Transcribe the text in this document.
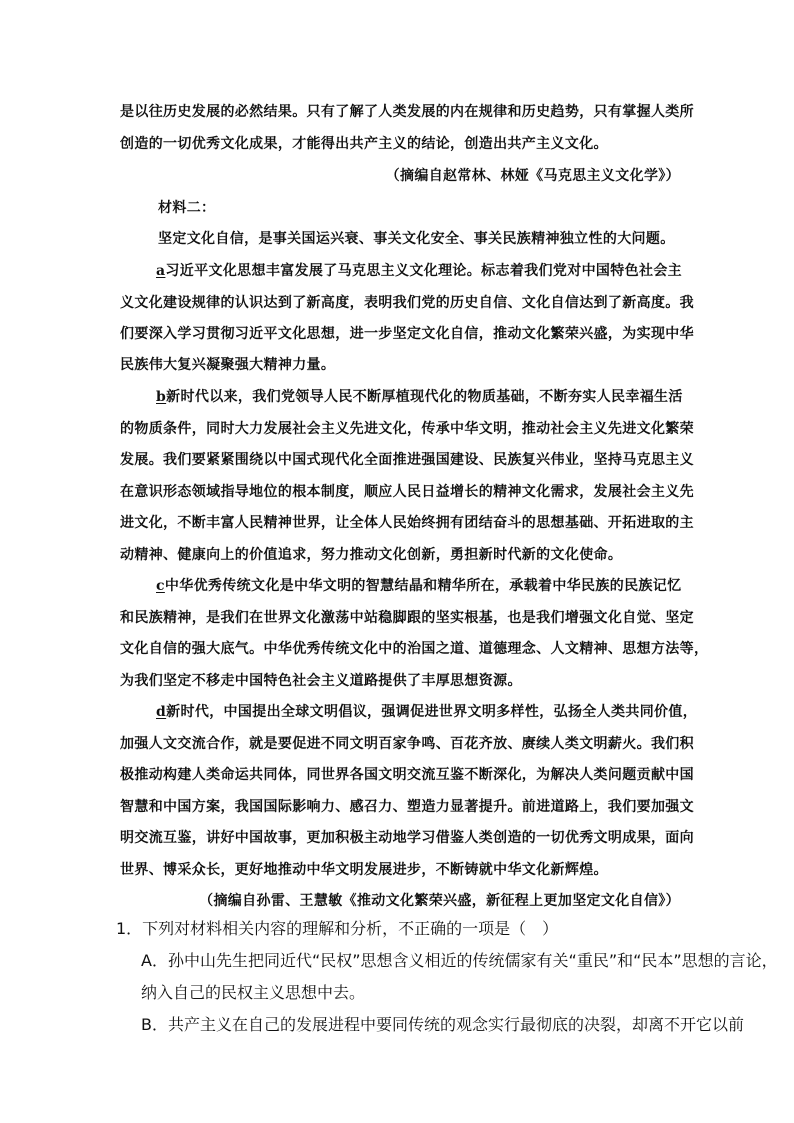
是以往历史发展的必然结果。只有了解了人类发展的内在规律和历史趋势，只有掌握人类所
创造的一切优秀文化成果，才能得出共产主义的结论，创造出共产主义文化。
（摘编自赵常林、林娅《马克思主义文化学》）
材料二：
坚定文化自信，是事关国运兴衰、事关文化安全、事关民族精神独立性的大问题。
a习近平文化思想丰富发展了马克思主义文化理论。标志着我们党对中国特色社会主
义文化建设规律的认识达到了新高度，表明我们党的历史自信、文化自信达到了新高度。我
们要深入学习贯彻习近平文化思想，进一步坚定文化自信，推动文化繁荣兴盛，为实现中华
民族伟大复兴凝聚强大精神力量。
b新时代以来，我们党领导人民不断厚植现代化的物质基础，不断夯实人民幸福生活
的物质条件，同时大力发展社会主义先进文化，传承中华文明，推动社会主义先进文化繁荣
发展。我们要紧紧围绕以中国式现代化全面推进强国建设、民族复兴伟业，坚持马克思主义
在意识形态领域指导地位的根本制度，顺应人民日益增长的精神文化需求，发展社会主义先
进文化，不断丰富人民精神世界，让全体人民始终拥有团结奋斗的思想基础、开拓进取的主
动精神、健康向上的价值追求，努力推动文化创新，勇担新时代新的文化使命。
c中华优秀传统文化是中华文明的智慧结晶和精华所在，承载着中华民族的民族记忆
和民族精神，是我们在世界文化激荡中站稳脚跟的坚实根基，也是我们增强文化自觉、坚定
文化自信的强大底气。中华优秀传统文化中的治国之道、道德理念、人文精神、思想方法等，
为我们坚定不移走中国特色社会主义道路提供了丰厚思想资源。
d新时代，中国提出全球文明倡议，强调促进世界文明多样性，弘扬全人类共同价值，
加强人文交流合作，就是要促进不同文明百家争鸣、百花齐放、赓续人类文明薪火。我们积
极推动构建人类命运共同体，同世界各国文明交流互鉴不断深化，为解决人类问题贡献中国
智慧和中国方案，我国国际影响力、感召力、塑造力显著提升。前进道路上，我们要加强文
明交流互鉴，讲好中国故事，更加积极主动地学习借鉴人类创造的一切优秀文明成果，面向
世界、博采众长，更好地推动中华文明发展进步，不断铸就中华文化新辉煌。
（摘编自孙雷、王慧敏《推动文化繁荣兴盛，新征程上更加坚定文化自信》）
1．下列对材料相关内容的理解和分析，不正确的一项是（　）
A．孙中山先生把同近代“民权”思想含义相近的传统儒家有关“重民”和“民本”思想的言论，
纳入自己的民权主义思想中去。
B．共产主义在自己的发展进程中要同传统的观念实行最彻底的决裂，却离不开它以前
